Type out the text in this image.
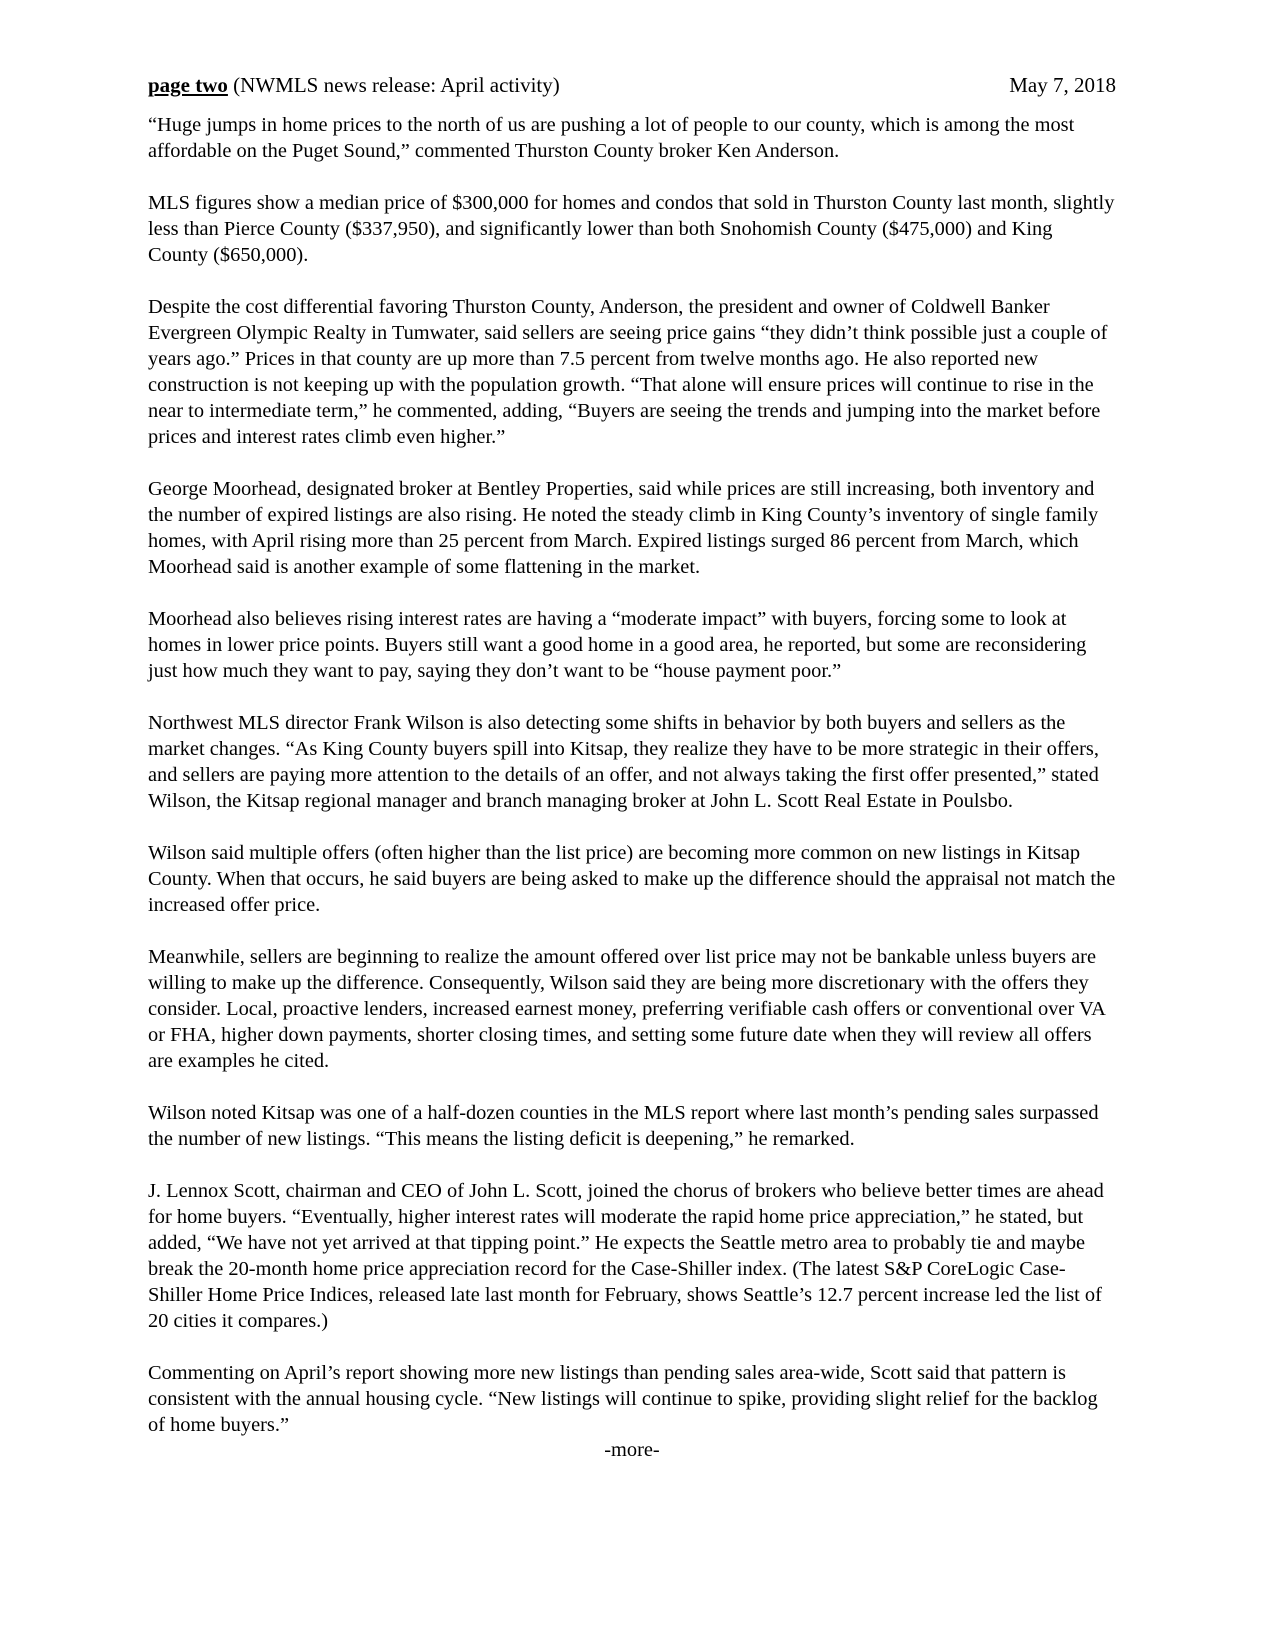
page two (NWMLS news release: April activity)	May 7, 2018

“Huge jumps in home prices to the north of us are pushing a lot of people to our county, which is among the most affordable on the Puget Sound,” commented Thurston County broker Ken Anderson.

MLS figures show a median price of $300,000 for homes and condos that sold in Thurston County last month, slightly less than Pierce County ($337,950), and significantly lower than both Snohomish County ($475,000) and King County ($650,000).

Despite the cost differential favoring Thurston County, Anderson, the president and owner of Coldwell Banker Evergreen Olympic Realty in Tumwater, said sellers are seeing price gains “they didn’t think possible just a couple of years ago.” Prices in that county are up more than 7.5 percent from twelve months ago. He also reported new construction is not keeping up with the population growth. “That alone will ensure prices will continue to rise in the near to intermediate term,” he commented, adding, “Buyers are seeing the trends and jumping into the market before prices and interest rates climb even higher.”

George Moorhead, designated broker at Bentley Properties, said while prices are still increasing, both inventory and the number of expired listings are also rising. He noted the steady climb in King County’s inventory of single family homes, with April rising more than 25 percent from March. Expired listings surged 86 percent from March, which Moorhead said is another example of some flattening in the market.

Moorhead also believes rising interest rates are having a “moderate impact” with buyers, forcing some to look at homes in lower price points. Buyers still want a good home in a good area, he reported, but some are reconsidering just how much they want to pay, saying they don’t want to be “house payment poor.”

Northwest MLS director Frank Wilson is also detecting some shifts in behavior by both buyers and sellers as the market changes. “As King County buyers spill into Kitsap, they realize they have to be more strategic in their offers, and sellers are paying more attention to the details of an offer, and not always taking the first offer presented,” stated Wilson, the Kitsap regional manager and branch managing broker at John L. Scott Real Estate in Poulsbo.

Wilson said multiple offers (often higher than the list price) are becoming more common on new listings in Kitsap County. When that occurs, he said buyers are being asked to make up the difference should the appraisal not match the increased offer price.

Meanwhile, sellers are beginning to realize the amount offered over list price may not be bankable unless buyers are willing to make up the difference. Consequently, Wilson said they are being more discretionary with the offers they consider. Local, proactive lenders, increased earnest money, preferring verifiable cash offers or conventional over VA or FHA, higher down payments, shorter closing times, and setting some future date when they will review all offers are examples he cited.

Wilson noted Kitsap was one of a half-dozen counties in the MLS report where last month’s pending sales surpassed the number of new listings. “This means the listing deficit is deepening,” he remarked.

J. Lennox Scott, chairman and CEO of John L. Scott, joined the chorus of brokers who believe better times are ahead for home buyers. “Eventually, higher interest rates will moderate the rapid home price appreciation,” he stated, but added, “We have not yet arrived at that tipping point.” He expects the Seattle metro area to probably tie and maybe break the 20-month home price appreciation record for the Case-Shiller index. (The latest S&P CoreLogic Case-Shiller Home Price Indices, released late last month for February, shows Seattle’s 12.7 percent increase led the list of 20 cities it compares.)

Commenting on April’s report showing more new listings than pending sales area-wide, Scott said that pattern is consistent with the annual housing cycle. “New listings will continue to spike, providing slight relief for the backlog of home buyers.”

-more-
